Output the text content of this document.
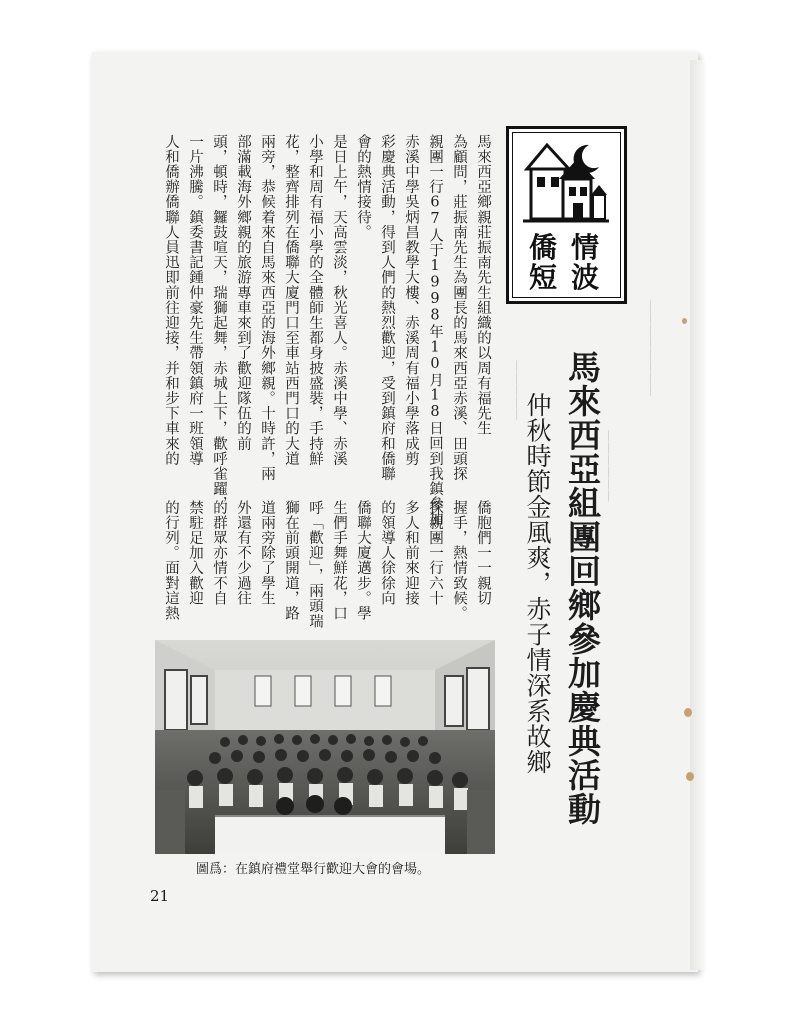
丨丨丨丨丨丨丨丨
丨丨丨丨丨丨
丨丨丨丨丨
情
波
僑
短
馬來西亞組團回鄉參加慶典活動
仲秋時節金風爽，赤子情深系故鄉
馬來西亞鄉親莊振南先生組織的以周有福先生
為顧問，莊振南先生為團長的馬來西亞赤溪、田頭探
親團一行67人于1998年10月18日回到我鎮參加
赤溪中學吳炳昌教學大樓、赤溪周有福小學落成剪
彩慶典活動，得到人們的熱烈歡迎，受到鎮府和僑聯
會的熱情接待。
是日上午，天高雲淡，秋光喜人。赤溪中學、赤溪
小學和周有福小學的全體師生都身披盛裝，手持鮮
花，整齊排列在僑聯大廈門口至車站西門口的大道
兩旁，恭候着來自馬來西亞的海外鄉親。十時許，兩
部滿載海外鄉親的旅游專車來到了歡迎隊伍的前
頭，頓時，鑼鼓喧天，瑞獅起舞，赤城上下，歡呼雀躍，
一片沸騰。鎮委書記鍾仲豪先生帶領鎮府一班領導
人和僑辦僑聯人員迅即前往迎接，并和步下車來的
僑胞們一一親切
握手，熱情致候。
探親團一行六十
多人和前來迎接
的領導人徐徐向
僑聯大廈邁步。學
生們手舞鮮花，口
呼「歡迎」，兩頭瑞
獅在前頭開道，路
道兩旁除了學生
外還有不少過往
的群眾亦情不自
禁駐足加入歡迎
的行列。面對這熱
圖爲：在鎮府禮堂舉行歡迎大會的會場。
21
